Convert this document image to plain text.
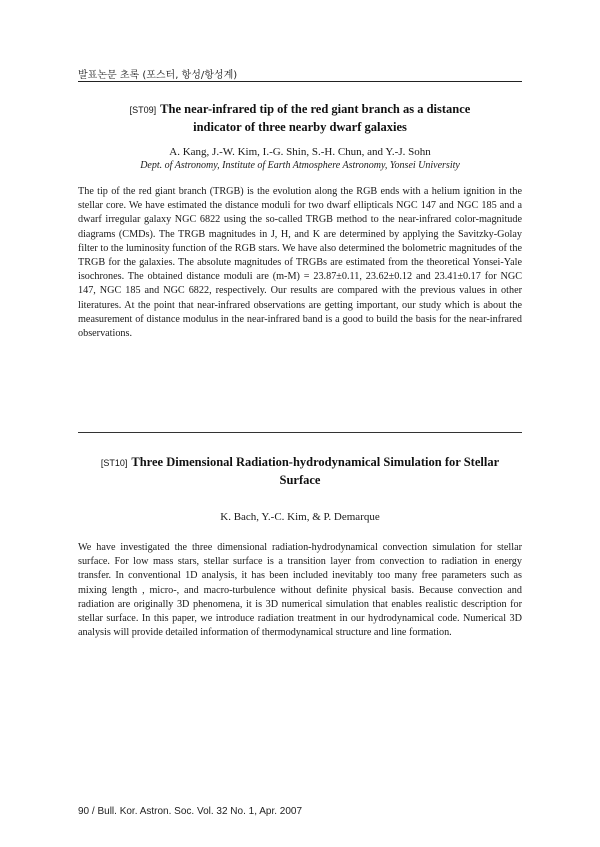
발표논문 초록 (포스터, 항성/항성계)
[ST09] The near-infrared tip of the red giant branch as a distance
indicator of three nearby dwarf galaxies
A. Kang, J.-W. Kim, I.-G. Shin, S.-H. Chun, and Y.-J. Sohn
Dept. of Astronomy, Institute of Earth Atmosphere Astronomy, Yonsei University

The tip of the red giant branch (TRGB) is the evolution along the RGB ends with a helium ignition in the stellar core. We have estimated the distance moduli for two dwarf ellipticals NGC 147 and NGC 185 and a dwarf irregular galaxy NGC 6822 using the so-called TRGB method to the near-infrared color-magnitude diagrams (CMDs). The TRGB magnitudes in J, H, and K are determined by applying the Savitzky-Golay filter to the luminosity function of the RGB stars. We have also determined the bolometric magnitudes of the TRGB for the galaxies. The absolute magnitudes of TRGBs are estimated from the theoretical Yonsei-Yale isochrones. The obtained distance moduli are (m-M) = 23.87±0.11, 23.62±0.12 and 23.41±0.17 for NGC 147, NGC 185 and NGC 6822, respectively. Our results are compared with the previous values in other literatures. At the point that near-infrared observations are getting important, our study which is about the measurement of distance modulus in the near-infrared band is a good to build the basis for the near-infrared observations.

[ST10] Three Dimensional Radiation-hydrodynamical Simulation for Stellar
Surface
K. Bach, Y.-C. Kim, & P. Demarque

We have investigated the three dimensional radiation-hydrodynamical convection simulation for stellar surface. For low mass stars, stellar surface is a transition layer from convection to radiation in energy transfer. In conventional 1D analysis, it has been included inevitably too many free parameters such as mixing length , micro-, and macro-turbulence without definite physical basis. Because convection and radiation are originally 3D phenomena, it is 3D numerical simulation that enables realistic description for stellar surface. In this paper, we introduce radiation treatment in our hydrodynamical code. Numerical 3D analysis will provide detailed information of thermodynamical structure and line formation.

90 / Bull. Kor. Astron. Soc. Vol. 32 No. 1, Apr. 2007
